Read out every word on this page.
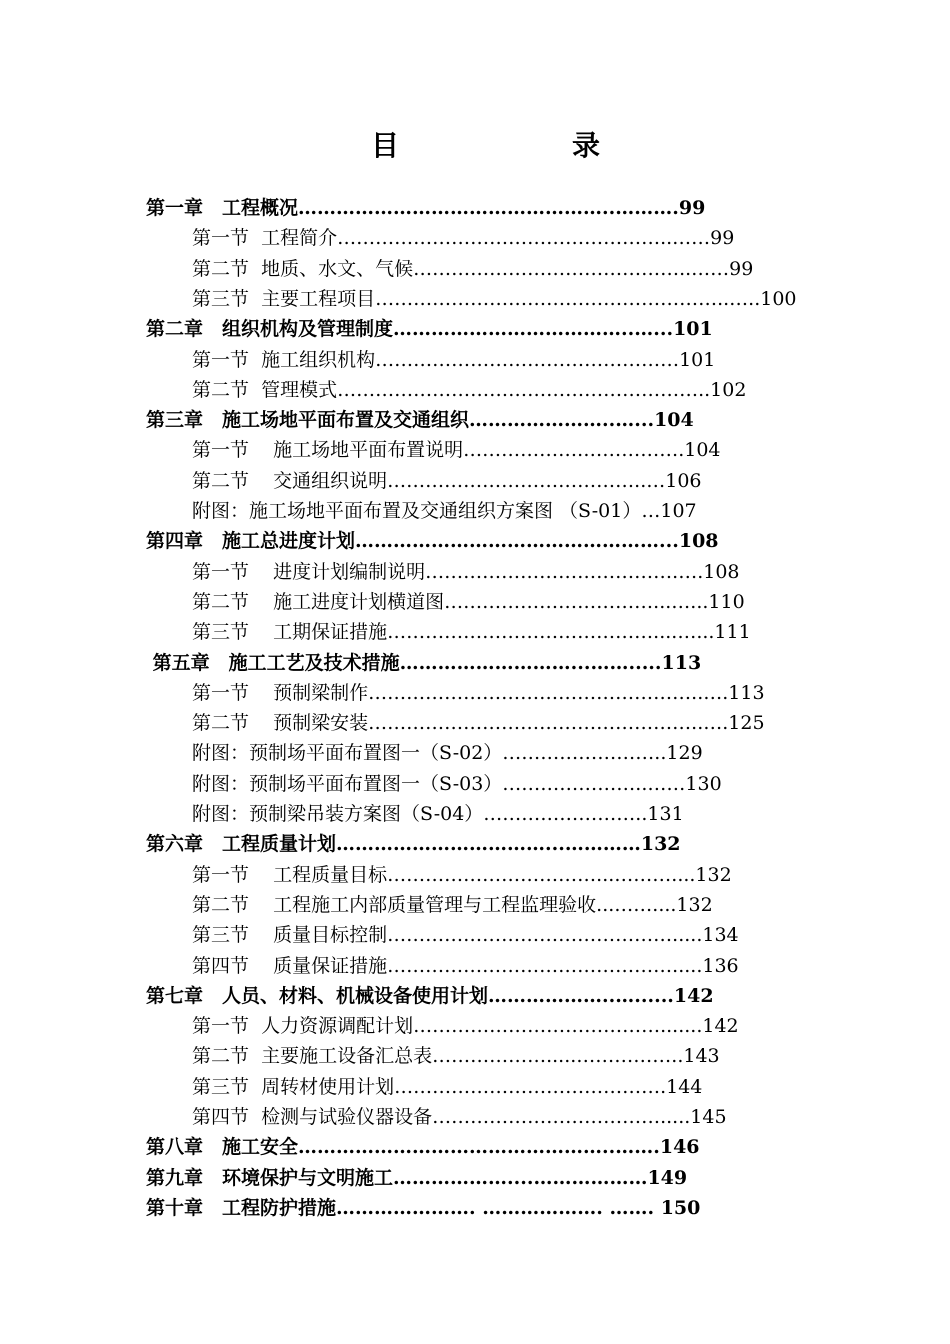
目	录
第一章　工程概况…………………………………………..……….99
第一节  工程简介……………………………………………..……99
第二节  地质、水文、气候……………………………………..……99
第三节  主要工程项目………………………………………………..…..100
第二章　组织机构及管理制度………………………………..…...101
第一节  施工组织机构…………………………………………101
第二节  管理模式…………………………………………………..102
第三章　施工场地平面布置及交通组织…………………..…...104
第一节    施工场地平面布置说明……………….…………….104
第二节    交通组织说明…………………………………..…106
附图：施工场地平面布置及交通组织方案图 （S-01）…107
第四章　施工总进度计划…………………………………………...108
第一节    进度计划编制说明………………………………….….108
第二节    施工进度计划横道图……………………………...…...110
第三节    工期保证措施……………………………………....…...111
第五章　施工工艺及技术措施………………………...…….....113
第一节    预制梁制作……………………………………………..….113
第二节    预制梁安装……………………………………………..….125
附图：预制场平面布置图一（S-02）……………………..129
附图：预制场平面布置图一（S-03）…………………..……130
附图：预制梁吊装方案图（S-04）……………………..131
第六章　工程质量计划……………………………...…………132
第一节    工程质量目标……………………………...………....132
第二节    工程施工内部质量管理与工程监理验收...……....132
第三节    质量目标控制……………………………………….....134
第四节    质量保证措施……………………………………….....136
第七章　人员、材料、机械设备使用计划………………..…......142
第一节  人力资源调配计划………………………………….......142
第二节  主要施工设备汇总表……………….....……………..143
第三节  周转材使用计划…………………………………….144
第四节  检测与试验仪器设备……………………………….....145
第八章　施工安全…………………………………………..…….146
第九章　环境保护与文明施工………………....………………149
第十章　工程防护措施…………………. ………………. ……. 150
